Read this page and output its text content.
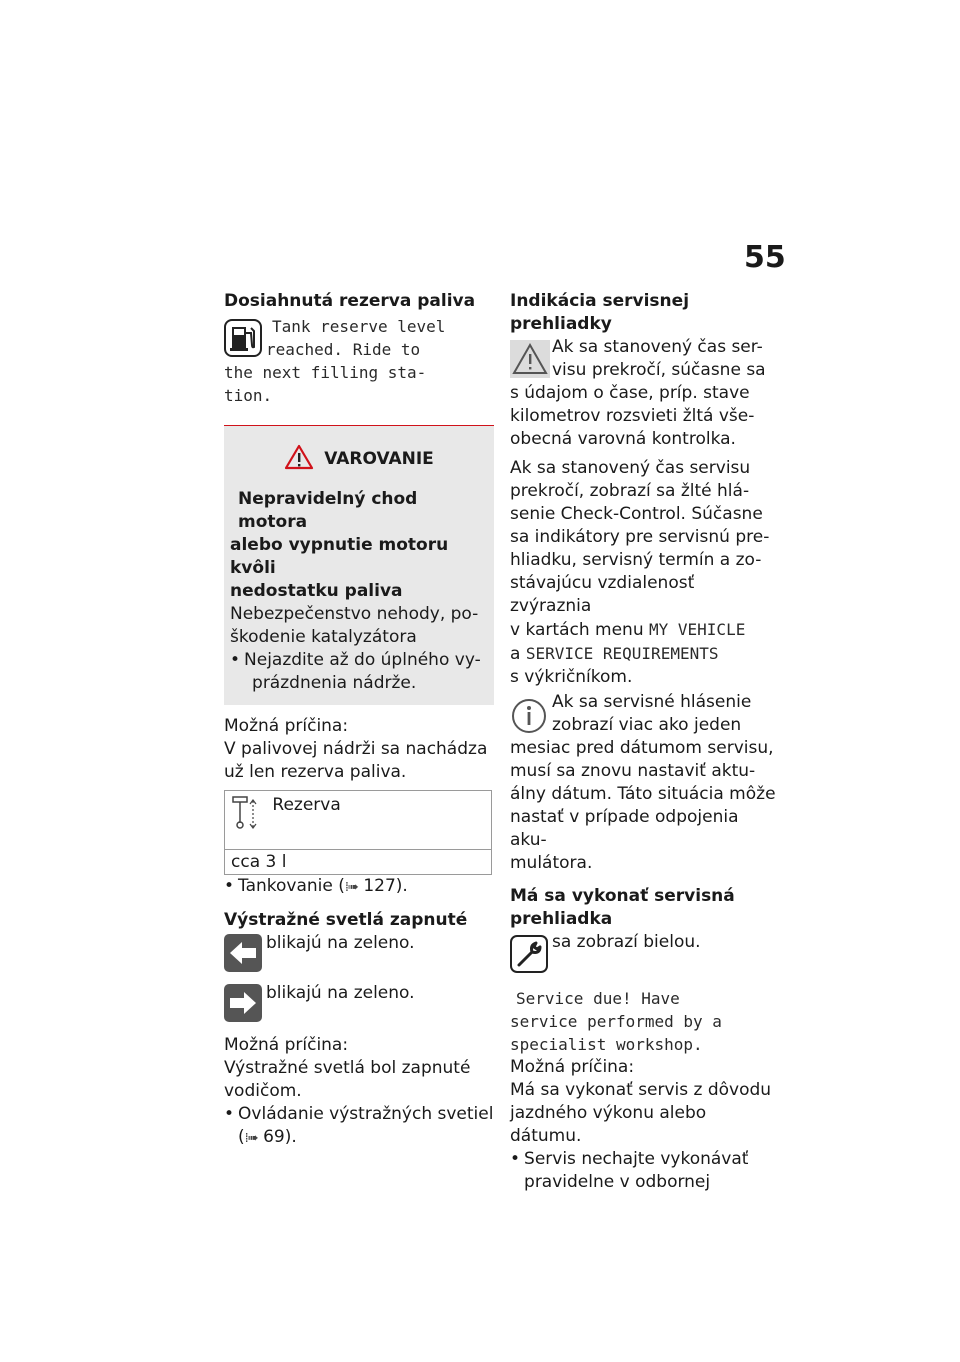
55

Dosiahnutá rezerva paliva

Tank reserve level
reached. Ride to
the next filling sta-
tion.
VAROVANIE

Nepravidelný chod motora

alebo vypnutie motoru kvôli

nedostatku paliva

Nebezpečenstvo nehody, po-

škodenie katalyzátora

• Nejazdite až do úplného vy-

prázdnenia nádrže.

Možná príčina:

V palivovej nádrži sa nachádza

už len rezerva paliva.

Rezerva
cca 3 l
• Tankovanie (⁞➠ 127).

Výstražné svetlá zapnuté

blikajú na zeleno.

blikajú na zeleno.

Možná príčina:

Výstražné svetlá bol zapnuté

vodičom.

• Ovládanie výstražných svetiel

(⁞➠ 69).

Indikácia servisnej prehliadky

Ak sa stanovený čas ser-

visu prekročí, súčasne sa

s údajom o čase, príp. stave

kilometrov rozsvieti žltá vše-

obecná varovná kontrolka.

Ak sa stanovený čas servisu

prekročí, zobrazí sa žlté hlá-

senie Check-Control. Súčasne

sa indikátory pre servisnú pre-

hliadku, servisný termín a zo-

stávajúcu vzdialenosť zvýraznia

v kartách menu MY VEHICLE

a SERVICE REQUIREMENTS

s výkričníkom.

Ak sa servisné hlásenie

zobrazí viac ako jeden

mesiac pred dátumom servisu,

musí sa znovu nastaviť aktu-

álny dátum. Táto situácia môže

nastať v prípade odpojenia aku-

mulátora.

Má sa vykonať servisná

prehliadka

sa zobrazí bielou.

Service due! Have
service performed by a
specialist workshop.

Možná príčina:

Má sa vykonať servis z dôvodu

jazdného výkonu alebo dátumu.

• Servis nechajte vykonávať

pravidelne v odbornej
